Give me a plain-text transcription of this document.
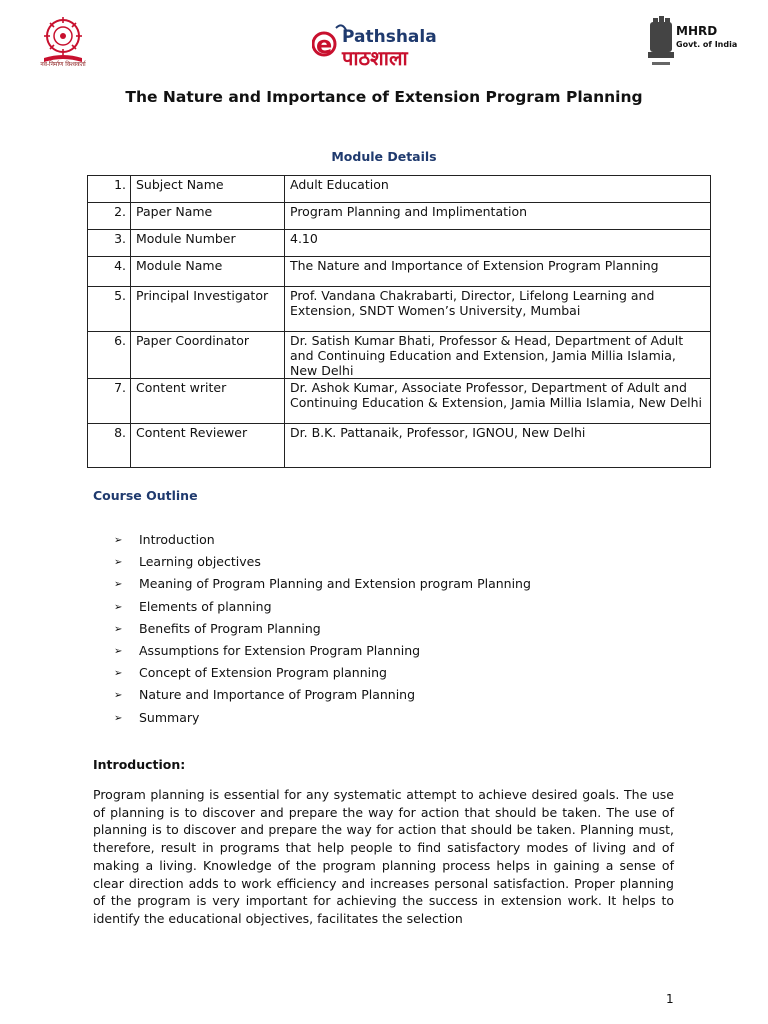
नव-निर्माण विश्वकर्ता
e Pathshala
पाठशाला
MHRD
Govt. of India
The Nature and Importance of Extension Program Planning
Module Details
1.	Subject Name	Adult Education
2.	Paper Name	Program Planning and Implimentation
3.	Module Number	4.10
4.	Module Name	The Nature and Importance of Extension Program Planning
5.	Principal Investigator	Prof. Vandana Chakrabarti, Director, Lifelong Learning and Extension, SNDT Women’s University, Mumbai
6.	Paper Coordinator	Dr. Satish Kumar Bhati, Professor & Head, Department of Adult and Continuing Education and Extension, Jamia Millia Islamia, New Delhi
7.	Content writer	Dr. Ashok Kumar, Associate Professor, Department of Adult and Continuing Education & Extension, Jamia Millia Islamia, New Delhi
8.	Content Reviewer	Dr. B.K. Pattanaik, Professor, IGNOU, New Delhi
Course Outline
➢	Introduction
➢	Learning objectives
➢	Meaning of Program Planning and Extension program Planning
➢	Elements of planning
➢	Benefits of Program Planning
➢	Assumptions for Extension Program Planning
➢	Concept of Extension Program planning
➢	Nature and Importance of Program Planning
➢	Summary
Introduction:

Program planning is essential for any systematic attempt to achieve desired goals. The use of planning is to discover and prepare the way for action that should be taken. The use of planning is to discover and prepare the way for action that should be taken. Planning must, therefore, result in programs that help people to find satisfactory modes of living and of making a living. Knowledge of the program planning process helps in gaining a sense of clear direction adds to work efficiency and increases personal satisfaction. Proper planning of the program is very important for achieving the success in extension work. It helps to identify the educational objectives, facilitates the selection

1
